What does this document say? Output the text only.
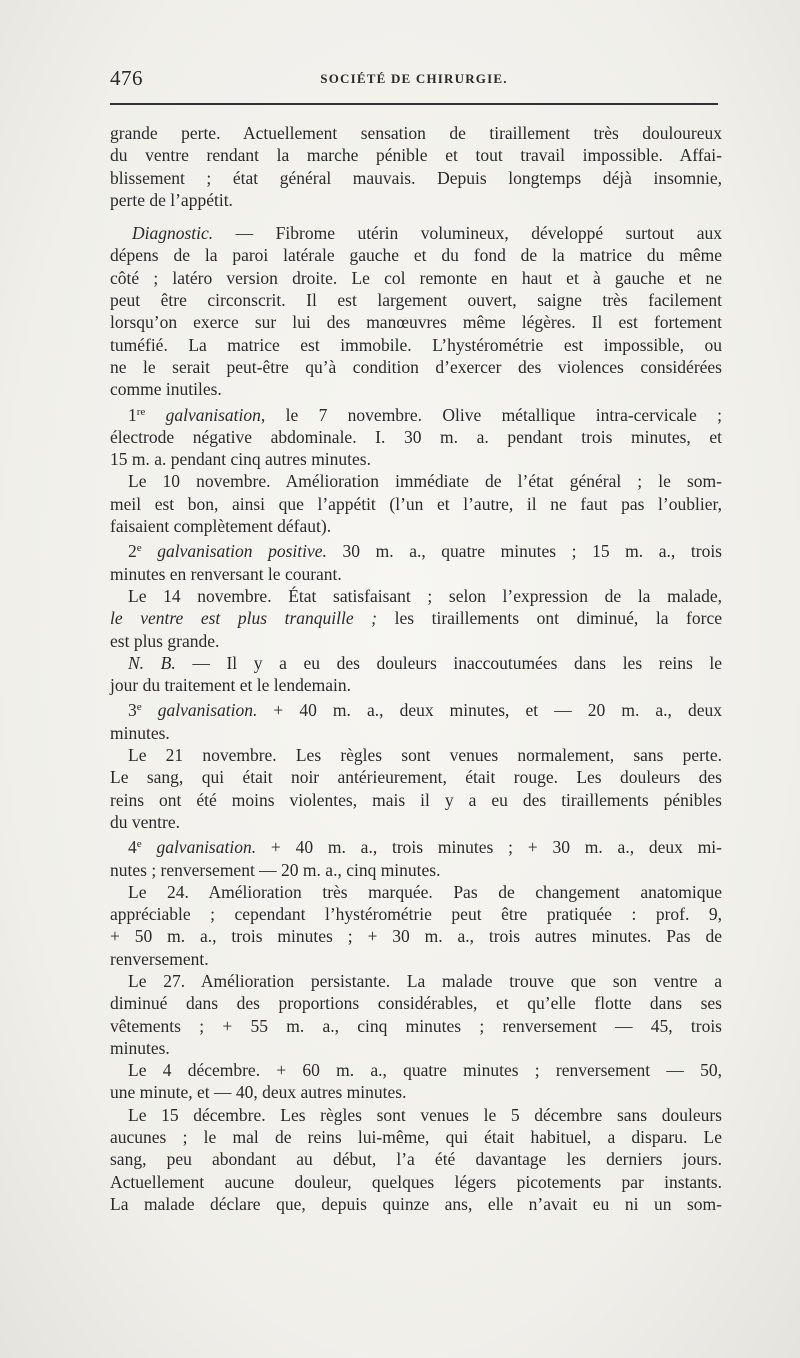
476	SOCIÉTÉ DE CHIRURGIE.
grande perte. Actuellement sensation de tiraillement très douloureux
du ventre rendant la marche pénible et tout travail impossible. Affai-
blissement ; état général mauvais. Depuis longtemps déjà insomnie,
perte de l’appétit.
Diagnostic. — Fibrome utérin volumineux, développé surtout aux
dépens de la paroi latérale gauche et du fond de la matrice du même
côté ; latéro version droite. Le col remonte en haut et à gauche et ne
peut être circonscrit. Il est largement ouvert, saigne très facilement
lorsqu’on exerce sur lui des manœuvres même légères. Il est fortement
tuméfié. La matrice est immobile. L’hystérométrie est impossible, ou
ne le serait peut-être qu’à condition d’exercer des violences considérées
comme inutiles.
1re galvanisation, le 7 novembre. Olive métallique intra-cervicale ;
électrode négative abdominale. I. 30 m. a. pendant trois minutes, et
15 m. a. pendant cinq autres minutes.
Le 10 novembre. Amélioration immédiate de l’état général ; le som-
meil est bon, ainsi que l’appétit (l’un et l’autre, il ne faut pas l’oublier,
faisaient complètement défaut).
2e galvanisation positive. 30 m. a., quatre minutes ; 15 m. a., trois
minutes en renversant le courant.
Le 14 novembre. État satisfaisant ; selon l’expression de la malade,
le ventre est plus tranquille ; les tiraillements ont diminué, la force
est plus grande.
N. B. — Il y a eu des douleurs inaccoutumées dans les reins le
jour du traitement et le lendemain.
3e galvanisation. + 40 m. a., deux minutes, et — 20 m. a., deux
minutes.
Le 21 novembre. Les règles sont venues normalement, sans perte.
Le sang, qui était noir antérieurement, était rouge. Les douleurs des
reins ont été moins violentes, mais il y a eu des tiraillements pénibles
du ventre.
4e galvanisation. + 40 m. a., trois minutes ; + 30 m. a., deux mi-
nutes ; renversement — 20 m. a., cinq minutes.
Le 24. Amélioration très marquée. Pas de changement anatomique
appréciable ; cependant l’hystérométrie peut être pratiquée : prof. 9,
+ 50 m. a., trois minutes ; + 30 m. a., trois autres minutes. Pas de
renversement.
Le 27. Amélioration persistante. La malade trouve que son ventre a
diminué dans des proportions considérables, et qu’elle flotte dans ses
vêtements ; + 55 m. a., cinq minutes ; renversement — 45, trois
minutes.
Le 4 décembre. + 60 m. a., quatre minutes ; renversement — 50,
une minute, et — 40, deux autres minutes.
Le 15 décembre. Les règles sont venues le 5 décembre sans douleurs
aucunes ; le mal de reins lui-même, qui était habituel, a disparu. Le
sang, peu abondant au début, l’a été davantage les derniers jours.
Actuellement aucune douleur, quelques légers picotements par instants.
La malade déclare que, depuis quinze ans, elle n’avait eu ni un som-
